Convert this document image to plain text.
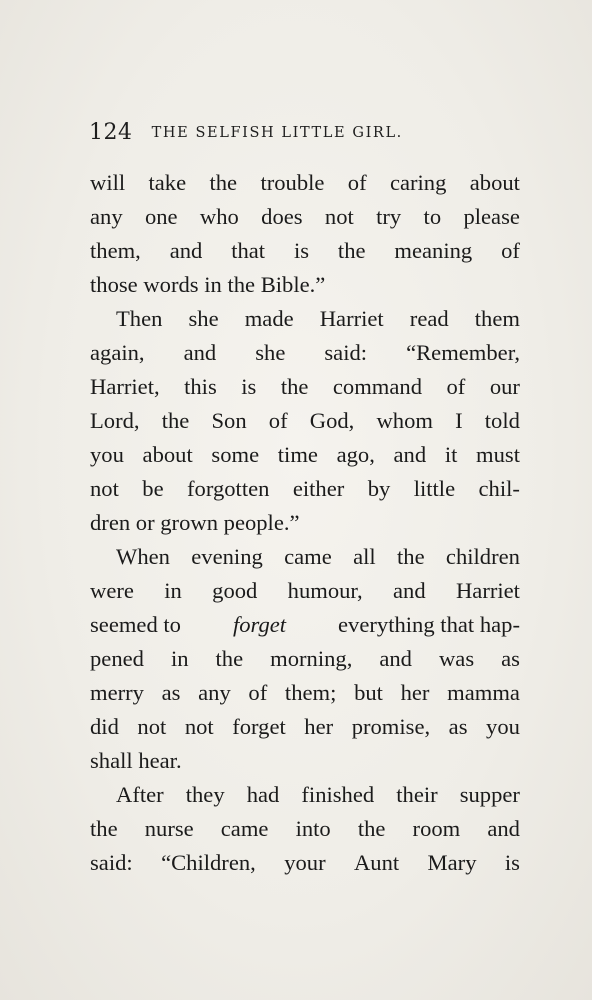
124 THE SELFISH LITTLE GIRL.
will take the trouble of caring about
any one who does not try to please
them, and that is the meaning of
those words in the Bible.”
Then she made Harriet read them
again, and she said: “Remember,
Harriet, this is the command of our
Lord, the Son of God, whom I told
you about some time ago, and it must
not be forgotten either by little chil-
dren or grown people.”
When evening came all the children
were in good humour, and Harriet
seemed to forget everything that hap-
pened in the morning, and was as
merry as any of them; but her mamma
did not not forget her promise, as you
shall hear.
After they had finished their supper
the nurse came into the room and
said: “Children, your Aunt Mary is
